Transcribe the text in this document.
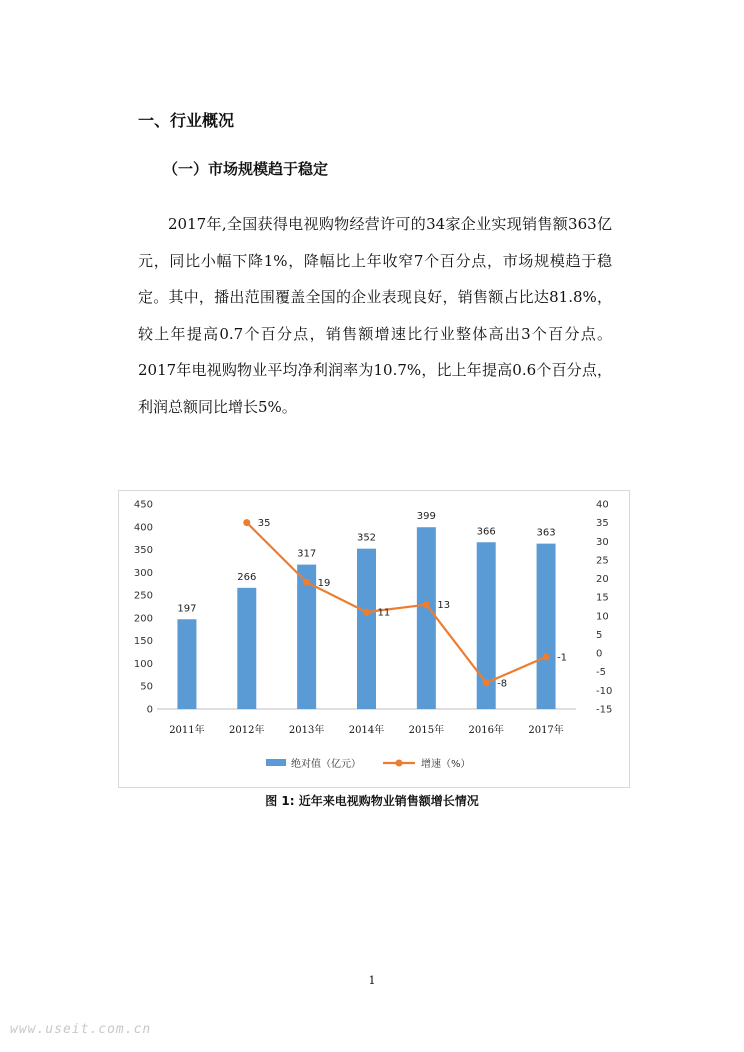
一、行业概况
（一）市场规模趋于稳定
2017年,全国获得电视购物经营许可的34家企业实现销售额363亿元，同比小幅下降1%，降幅比上年收窄7个百分点，市场规模趋于稳定。其中，播出范围覆盖全国的企业表现良好，销售额占比达81.8%，较上年提高0.7个百分点，销售额增速比行业整体高出3个百分点。2017年电视购物业平均净利润率为10.7%，比上年提高0.6个百分点，利润总额同比增长5%。
0
50
100
150
200
250
300
350
400
450
-15
-10
-5
0
5
10
15
20
25
30
35
40
197
266
317
352
399
366	363
35
19
11
13
-8
-1
2011年 2012年 2013年 2014年 2015年 2016年 2017年
绝对值（亿元）	增速（%）
图 1: 近年来电视购物业销售额增长情况
1
www.useit.com.cn
